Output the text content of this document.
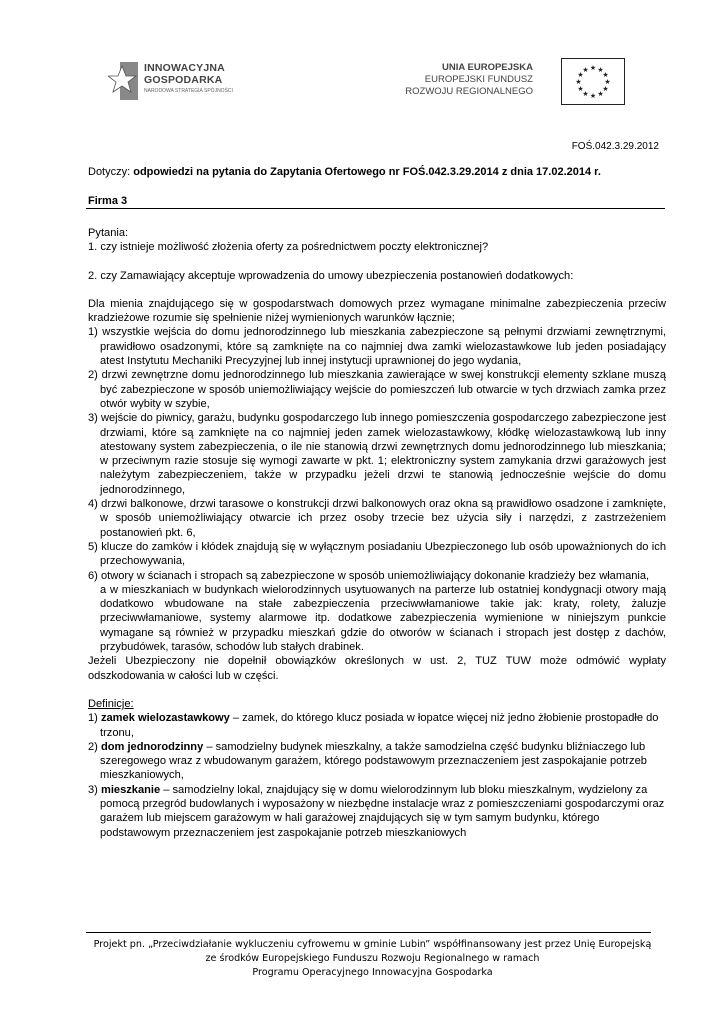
INNOWACYJNA
GOSPODARKA
NARODOWA STRATEGIA SPÓJNOŚCI
UNIA EUROPEJSKA
EUROPEJSKI FUNDUSZ
ROZWOJU REGIONALNEGO
★ ★
★
★
★
★
★
★
★
★
★
★
FOŚ.042.3.29.2012
Dotyczy: odpowiedzi na pytania do Zapytania Ofertowego nr FOŚ.042.3.29.2014 z dnia 17.02.2014 r.
Firma 3

Pytania:

1. czy istnieje możliwość złożenia oferty za pośrednictwem poczty elektronicznej?

2. czy Zamawiający akceptuje wprowadzenia do umowy ubezpieczenia postanowień dodatkowych:

Dla mienia znajdującego się w gospodarstwach domowych przez wymagane minimalne zabezpieczenia przeciw kradzieżowe rozumie się spełnienie niżej wymienionych warunków łącznie;

1) wszystkie wejścia do domu jednorodzinnego lub mieszkania zabezpieczone są pełnymi drzwiami zewnętrznymi, prawidłowo osadzonymi, które są zamknięte na co najmniej dwa zamki wielozastawkowe lub jeden posiadający atest Instytutu Mechaniki Precyzyjnej lub innej instytucji uprawnionej do jego wydania,
2) drzwi zewnętrzne domu jednorodzinnego lub mieszkania zawierające w swej konstrukcji elementy szklane muszą być zabezpieczone w sposób uniemożliwiający wejście do pomieszczeń lub otwarcie w tych drzwiach zamka przez otwór wybity w szybie,
3) wejście do piwnicy, garażu, budynku gospodarczego lub innego pomieszczenia gospodarczego zabezpieczone jest drzwiami, które są zamknięte na co najmniej jeden zamek wielozastawkowy, kłódkę wielozastawkową lub inny atestowany system zabezpieczenia, o ile nie stanowią drzwi zewnętrznych domu jednorodzinnego lub mieszkania; w przeciwnym razie stosuje się wymogi zawarte w pkt. 1; elektroniczny system zamykania drzwi garażowych jest należytym zabezpieczeniem, także w przypadku jeżeli drzwi te stanowią jednocześnie wejście do domu jednorodzinnego,
4) drzwi balkonowe, drzwi tarasowe o konstrukcji drzwi balkonowych oraz okna są prawidłowo osadzone i zamknięte, w sposób uniemożliwiający otwarcie ich przez osoby trzecie bez użycia siły i narzędzi, z zastrzeżeniem postanowień pkt. 6,
5) klucze do zamków i kłódek znajdują się w wyłącznym posiadaniu Ubezpieczonego lub osób upoważnionych do ich przechowywania,
6) otwory w ścianach i stropach są zabezpieczone w sposób uniemożliwiający dokonanie kradzieży bez włamania,

a w mieszkaniach w budynkach wielorodzinnych usytuowanych na parterze lub ostatniej kondygnacji otwory mają dodatkowo wbudowane na stałe zabezpieczenia przeciwwłamaniowe takie jak: kraty, rolety, żaluzje przeciwwłamaniowe, systemy alarmowe itp. dodatkowe zabezpieczenia wymienione w niniejszym punkcie wymagane są również w przypadku mieszkań gdzie do otworów w ścianach i stropach jest dostęp z dachów, przybudówek, tarasów, schodów lub stałych drabinek.

Jeżeli Ubezpieczony nie dopełnił obowiązków określonych w ust. 2, TUZ TUW może odmówić wypłaty odszkodowania w całości lub w części.

Definicje:

1) zamek wielozastawkowy – zamek, do którego klucz posiada w łopatce więcej niż jedno żłobienie prostopadłe do trzonu,
2) dom jednorodzinny – samodzielny budynek mieszkalny, a także samodzielna część budynku bliźniaczego lub szeregowego wraz z wbudowanym garażem, którego podstawowym przeznaczeniem jest zaspokajanie potrzeb mieszkaniowych,
3) mieszkanie – samodzielny lokal, znajdujący się w domu wielorodzinnym lub bloku mieszkalnym, wydzielony za pomocą przegród budowlanych i wyposażony w niezbędne instalacje wraz z pomieszczeniami gospodarczymi oraz garażem lub miejscem garażowym w hali garażowej znajdujących się w tym samym budynku, którego podstawowym przeznaczeniem jest zaspokajanie potrzeb mieszkaniowych
Projekt pn. „Przeciwdziałanie wykluczeniu cyfrowemu w gminie Lubin” współfinansowany jest przez Unię Europejską
ze środków Europejskiego Funduszu Rozwoju Regionalnego w ramach
Programu Operacyjnego Innowacyjna Gospodarka
